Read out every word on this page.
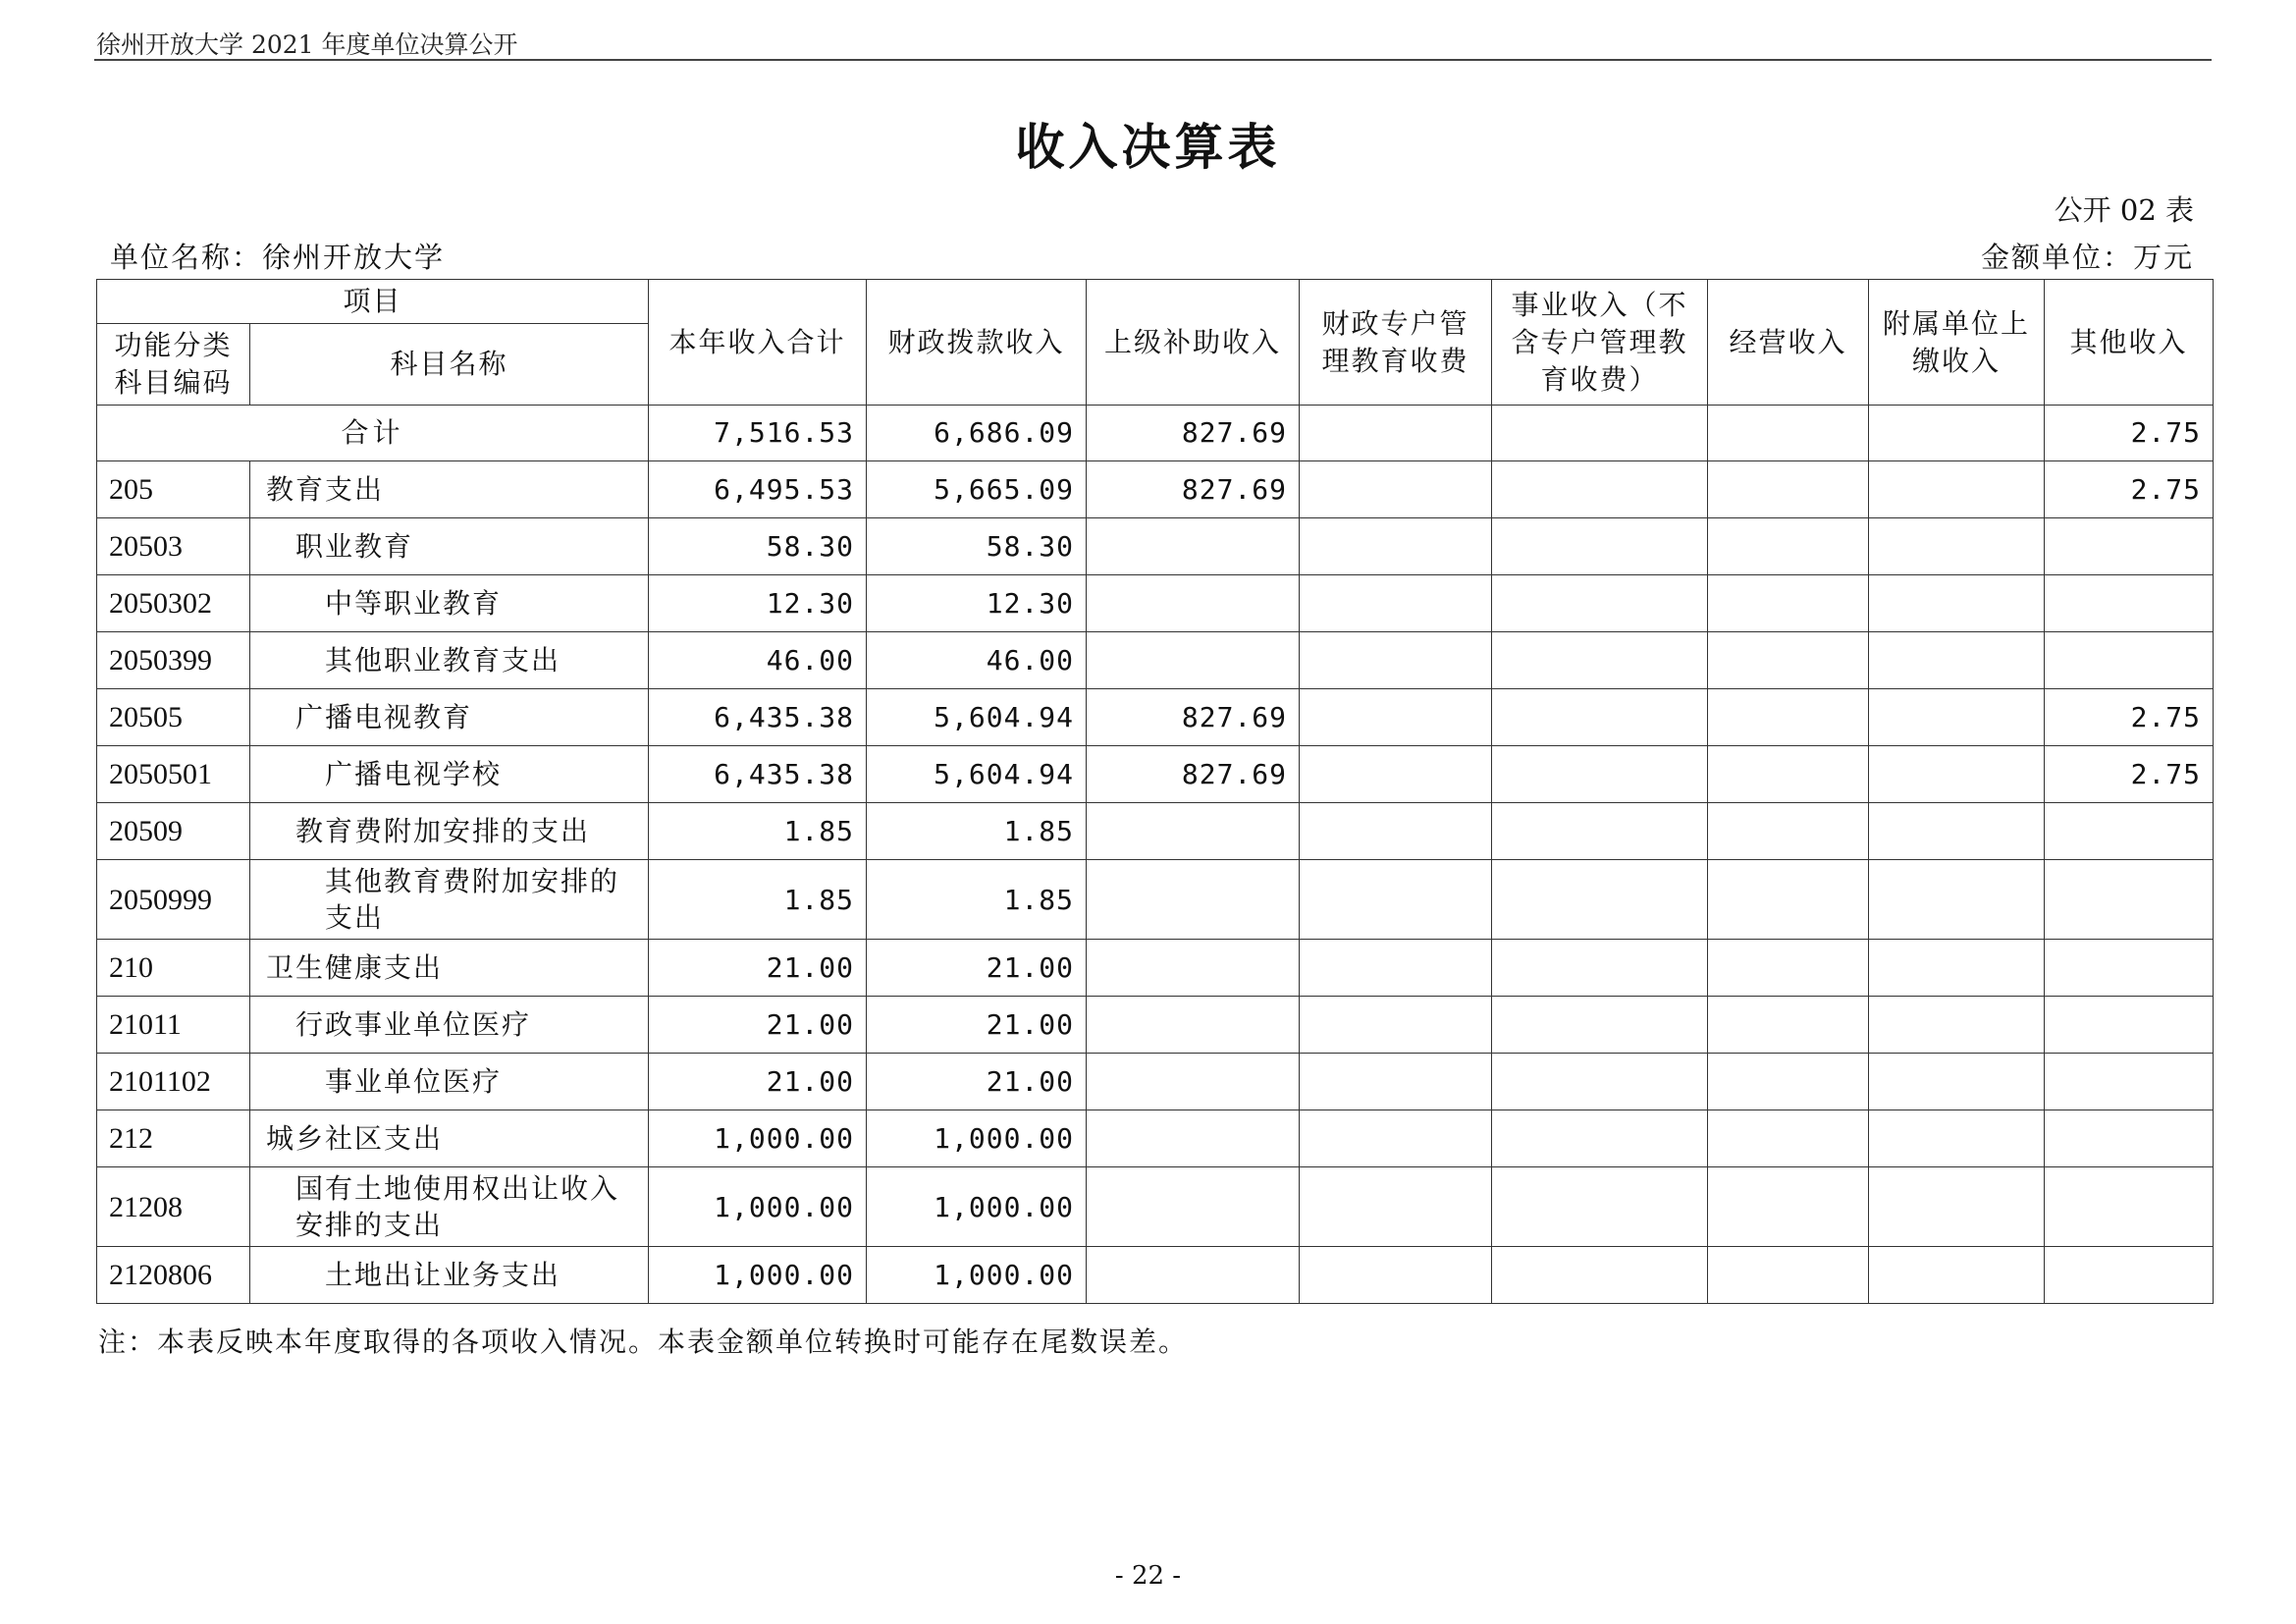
徐州开放大学 2021 年度单位决算公开
收入决算表
公开 02 表
单位名称：徐州开放大学	金额单位：万元
项目		本年收入合计	财政拨款收入	上级补助收入	财政专户管理教育收费	事业收入（不含专户管理教育收费）	经营收入	附属单位上缴收入	其他收入
功能分类科目编码	科目名称								
合计		7,516.53	6,686.09	827.69					2.75
205	教育支出	6,495.53	5,665.09	827.69					2.75
20503	职业教育	58.30	58.30						
2050302	中等职业教育	12.30	12.30						
2050399	其他职业教育支出	46.00	46.00						
20505	广播电视教育	6,435.38	5,604.94	827.69					2.75
2050501	广播电视学校	6,435.38	5,604.94	827.69					2.75
20509	教育费附加安排的支出	1.85	1.85						
2050999	其他教育费附加安排的支出	1.85	1.85						
210	卫生健康支出	21.00	21.00						
21011	行政事业单位医疗	21.00	21.00						
2101102	事业单位医疗	21.00	21.00						
212	城乡社区支出	1,000.00	1,000.00						
21208	国有土地使用权出让收入安排的支出	1,000.00	1,000.00						
2120806	土地出让业务支出	1,000.00	1,000.00						
注：本表反映本年度取得的各项收入情况。本表金额单位转换时可能存在尾数误差。
- 22 -
